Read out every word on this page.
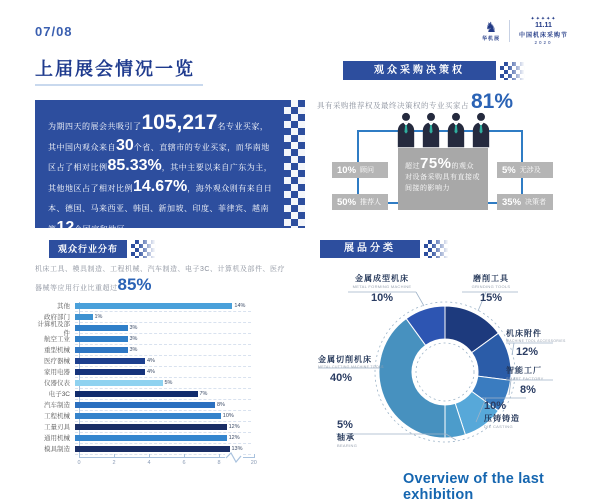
07/08	♞
华机展
✦✦✦✦✦
11.11
中国机床采购节
2020
上届展会情况一览

为期四天的展会共吸引了105,217名专业买家，其中国内观众来自30个省、直辖市的专业买家，而华南地区占了相对比例85.33%，其中主要以来自广东为主，其他地区占了相对比例14.67%，海外观众则有来自日本、德国、马来西亚、韩国、新加坡、印度、菲律宾、越南等12个国家和地区。

观众采购决策权
具有采购推荐权及最终决策权的专业买家占 81%
超过75%的观众对设备采购具有直接或间接的影响力
10% 顾问
50% 推荐人
5% 无涉及
35% 决策者
观众行业分布

机床工具、模具制造、工程机械、汽车制造、电子3C、计算机及部件、医疗器械等应用行业比重超过85%

其他	14%
政府部门	1%
计算机及部件
3%
航空工业	3%
重型机械	3%
医疗器械	4%
家用电器	4%
仪器仪表	5%
电子3C	7%
汽车制造	8%
工程机械	10%
工量刃具	12%
通用机械	12%
模具制造	13%
0	2	4	6	8	20
展品分类
金属成型机床
METAL FORMING MACHINE
10%
磨削工具
GRINDING TOOLS
15%
机床附件
MACHINE TOOL ACCESSORIES
12%
智能工厂
SMART FACTORY
8%
10%
压铸铸造
DIE CASTING
5%
轴承
BEARING
金属切削机床
METAL CUTTING MACHINE TOOLS
40%
Overview of the last exhibition
